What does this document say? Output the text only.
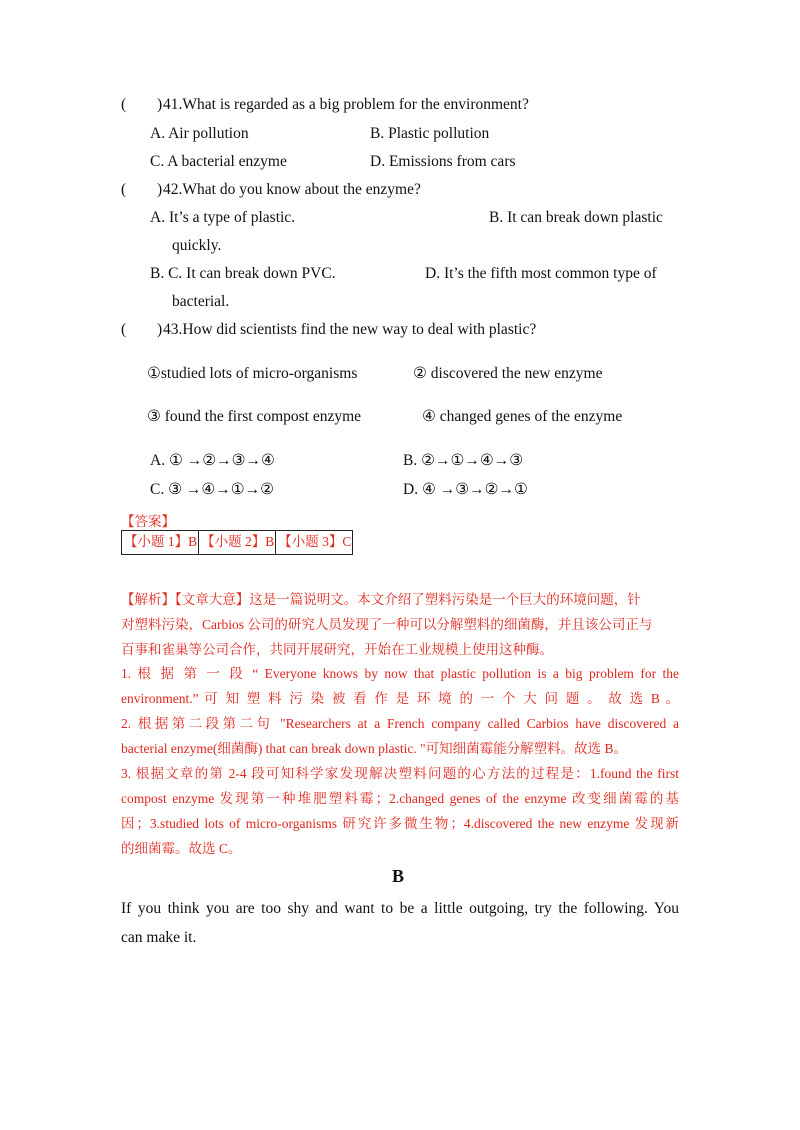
( ) 41.What is regarded as a big problem for the environment?
A. Air pollution	B. Plastic pollution
C. A bacterial enzyme	D. Emissions from cars
( ) 42.What do you know about the enzyme?
A. It’s a type of plastic.	B. It can break down plastic
quickly.
B. C. It can break down PVC.	D. It’s the fifth most common type of
bacterial.
( ) 43.How did scientists find the new way to deal with plastic?
①studied lots of micro-organisms	② discovered the new enzyme
③ found the first compost enzyme	④ changed genes of the enzyme
A. ① →②→③→④	B. ②→①→④→③
C. ③ →④→①→②	D. ④ →③→②→①
【答案】
【小题 1】B	【小题 2】B	【小题 3】C
【解析】【文章大意】这是一篇说明文。本文介绍了塑料污染是一个巨大的环境问题，针
对塑料污染，Carbios 公司的研究人员发现了一种可以分解塑料的细菌酶，并且该公司正与
百事和雀巢等公司合作，共同开展研究，开始在工业规模上使用这种酶。
1. 根 据 第 一 段 “ Everyone knows by now that plastic pollution is a big problem for the
environment.” 可 知 塑 料 污 染 被 看 作 是 环 境 的 一 个 大 问 题 。 故 选 B 。
2. 根据第二段第二句 "Researchers at a French company called Carbios have discovered a
bacterial enzyme(细菌酶) that can break down plastic. "可知细菌霉能分解塑料。故选 B。
3. 根据文章的第 2-4 段可知科学家发现解决塑料问题的心方法的过程是：1.found the first
compost enzyme 发现第一种堆肥塑料霉；2.changed genes of the enzyme 改变细菌霉的基
因；3.studied lots of micro-organisms 研究许多微生物；4.discovered the new enzyme 发现新
的细菌霉。故选 C。
B
If you think you are too shy and want to be a little outgoing, try the following. You
can make it.
